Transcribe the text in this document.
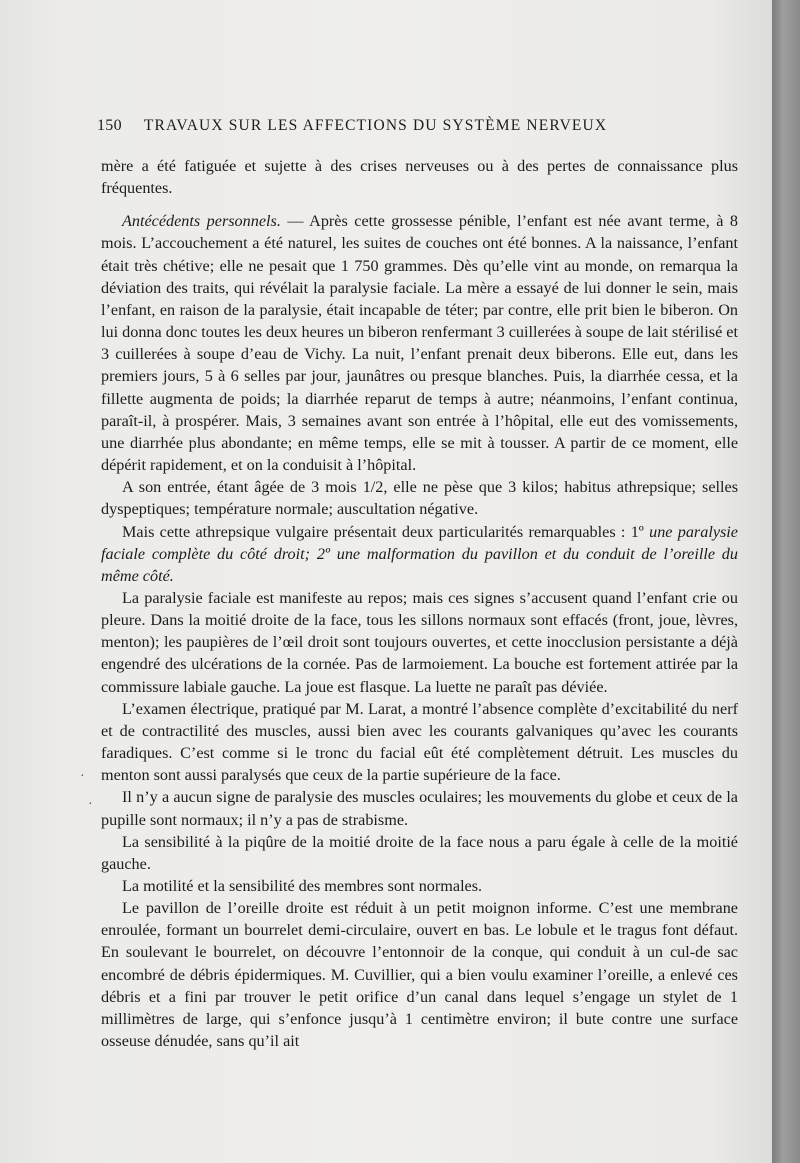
150 TRAVAUX SUR LES AFFECTIONS DU SYSTÈME NERVEUX

mère a été fatiguée et sujette à des crises nerveuses ou à des pertes de connaissance plus fréquentes.

Antécédents personnels. — Après cette grossesse pénible, l’enfant est née avant terme, à 8 mois. L’accouchement a été naturel, les suites de couches ont été bonnes. A la naissance, l’enfant était très chétive; elle ne pesait que 1 750 grammes. Dès qu’elle vint au monde, on remarqua la déviation des traits, qui révélait la paralysie faciale. La mère a essayé de lui donner le sein, mais l’enfant, en raison de la paralysie, était incapable de téter; par contre, elle prit bien le biberon. On lui donna donc toutes les deux heures un biberon renfermant 3 cuillerées à soupe de lait stérilisé et 3 cuillerées à soupe d’eau de Vichy. La nuit, l’enfant prenait deux biberons. Elle eut, dans les premiers jours, 5 à 6 selles par jour, jaunâtres ou presque blanches. Puis, la diarrhée cessa, et la fillette augmenta de poids; la diarrhée reparut de temps à autre; néanmoins, l’enfant continua, paraît-il, à prospérer. Mais, 3 semaines avant son entrée à l’hôpital, elle eut des vomissements, une diarrhée plus abondante; en même temps, elle se mit à tousser. A partir de ce moment, elle dépérit rapidement, et on la conduisit à l’hôpital.

A son entrée, étant âgée de 3 mois 1/2, elle ne pèse que 3 kilos; habitus athrepsique; selles dyspeptiques; température normale; auscultation négative.

Mais cette athrepsique vulgaire présentait deux particularités remarquables : 1º une paralysie faciale complète du côté droit; 2º une malformation du pavillon et du conduit de l’oreille du même côté.

La paralysie faciale est manifeste au repos; mais ces signes s’accusent quand l’enfant crie ou pleure. Dans la moitié droite de la face, tous les sillons normaux sont effacés (front, joue, lèvres, menton); les paupières de l’œil droit sont toujours ouvertes, et cette inocclusion persistante a déjà engendré des ulcérations de la cornée. Pas de larmoiement. La bouche est fortement attirée par la commissure labiale gauche. La joue est flasque. La luette ne paraît pas déviée.

L’examen électrique, pratiqué par M. Larat, a montré l’absence complète d’excitabilité du nerf et de contractilité des muscles, aussi bien avec les courants galvaniques qu’avec les courants faradiques. C’est comme si le tronc du facial eût été complètement détruit. Les muscles du menton sont aussi paralysés que ceux de la partie supérieure de la face.

Il n’y a aucun signe de paralysie des muscles oculaires; les mouvements du globe et ceux de la pupille sont normaux; il n’y a pas de strabisme.

La sensibilité à la piqûre de la moitié droite de la face nous a paru égale à celle de la moitié gauche.

La motilité et la sensibilité des membres sont normales.

Le pavillon de l’oreille droite est réduit à un petit moignon informe. C’est une membrane enroulée, formant un bourrelet demi-circulaire, ouvert en bas. Le lobule et le tragus font défaut. En soulevant le bourrelet, on découvre l’entonnoir de la conque, qui conduit à un cul-de sac encombré de débris épidermiques. M. Cuvillier, qui a bien voulu examiner l’oreille, a enlevé ces débris et a fini par trouver le petit orifice d’un canal dans lequel s’engage un stylet de 1 millimètres de large, qui s’enfonce jusqu’à 1 centimètre environ; il bute contre une surface osseuse dénudée, sans qu’il ait

·
·
